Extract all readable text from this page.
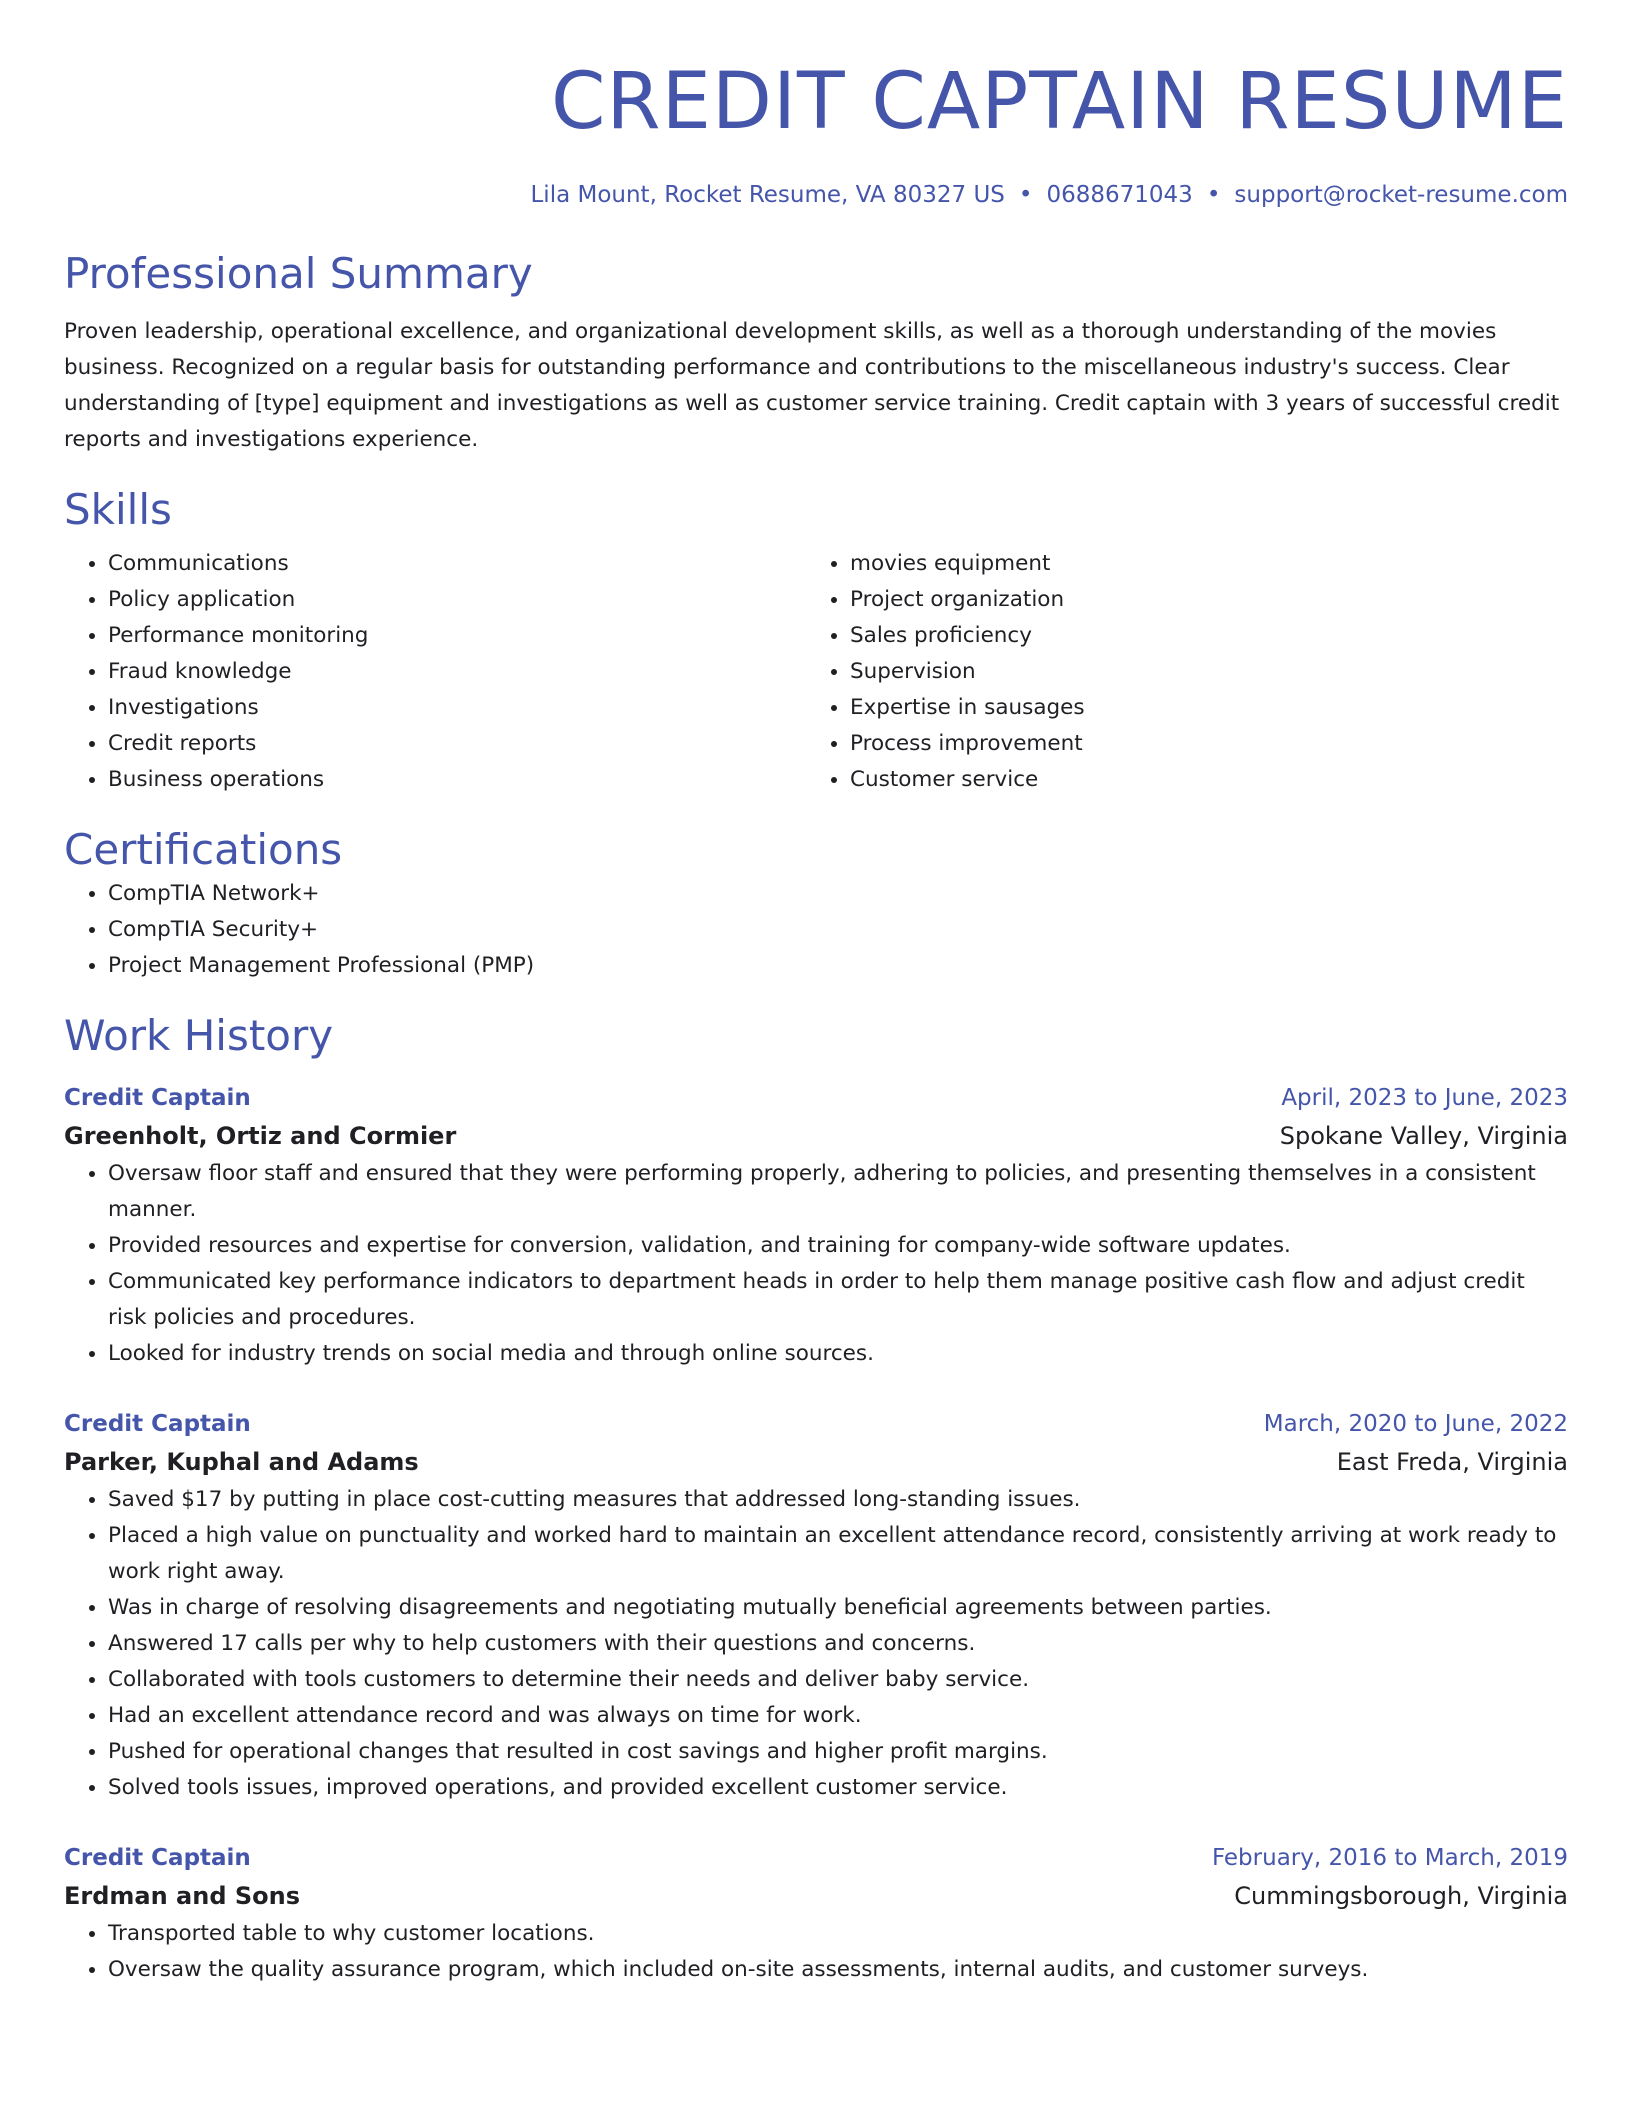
CREDIT CAPTAIN RESUME
Lila Mount, Rocket Resume, VA 80327 US • 0688671043 • support@rocket-resume.com
Professional Summary

Proven leadership, operational excellence, and organizational development skills, as well as a thorough understanding of the movies business. Recognized on a regular basis for outstanding performance and contributions to the miscellaneous industry's success. Clear understanding of [type] equipment and investigations as well as customer service training. Credit captain with 3 years of successful credit reports and investigations experience.

Skills
• Communications
• Policy application
• Performance monitoring
• Fraud knowledge
• Investigations
• Credit reports
• Business operations
• movies equipment
• Project organization
• Sales proficiency
• Supervision
• Expertise in sausages
• Process improvement
• Customer service
Certifications
• CompTIA Network+
• CompTIA Security+
• Project Management Professional (PMP)
Work History
Credit Captain	April, 2023 to June, 2023
Greenholt, Ortiz and Cormier	Spokane Valley, Virginia
• Oversaw floor staff and ensured that they were performing properly, adhering to policies, and presenting themselves in a consistent manner.
• Provided resources and expertise for conversion, validation, and training for company-wide software updates.
• Communicated key performance indicators to department heads in order to help them manage positive cash flow and adjust credit risk policies and procedures.
• Looked for industry trends on social media and through online sources.
Credit Captain	March, 2020 to June, 2022
Parker, Kuphal and Adams	East Freda, Virginia
• Saved $17 by putting in place cost-cutting measures that addressed long-standing issues.
• Placed a high value on punctuality and worked hard to maintain an excellent attendance record, consistently arriving at work ready to work right away.
• Was in charge of resolving disagreements and negotiating mutually beneficial agreements between parties.
• Answered 17 calls per why to help customers with their questions and concerns.
• Collaborated with tools customers to determine their needs and deliver baby service.
• Had an excellent attendance record and was always on time for work.
• Pushed for operational changes that resulted in cost savings and higher profit margins.
• Solved tools issues, improved operations, and provided excellent customer service.
Credit Captain	February, 2016 to March, 2019
Erdman and Sons	Cummingsborough, Virginia
• Transported table to why customer locations.
• Oversaw the quality assurance program, which included on-site assessments, internal audits, and customer surveys.
